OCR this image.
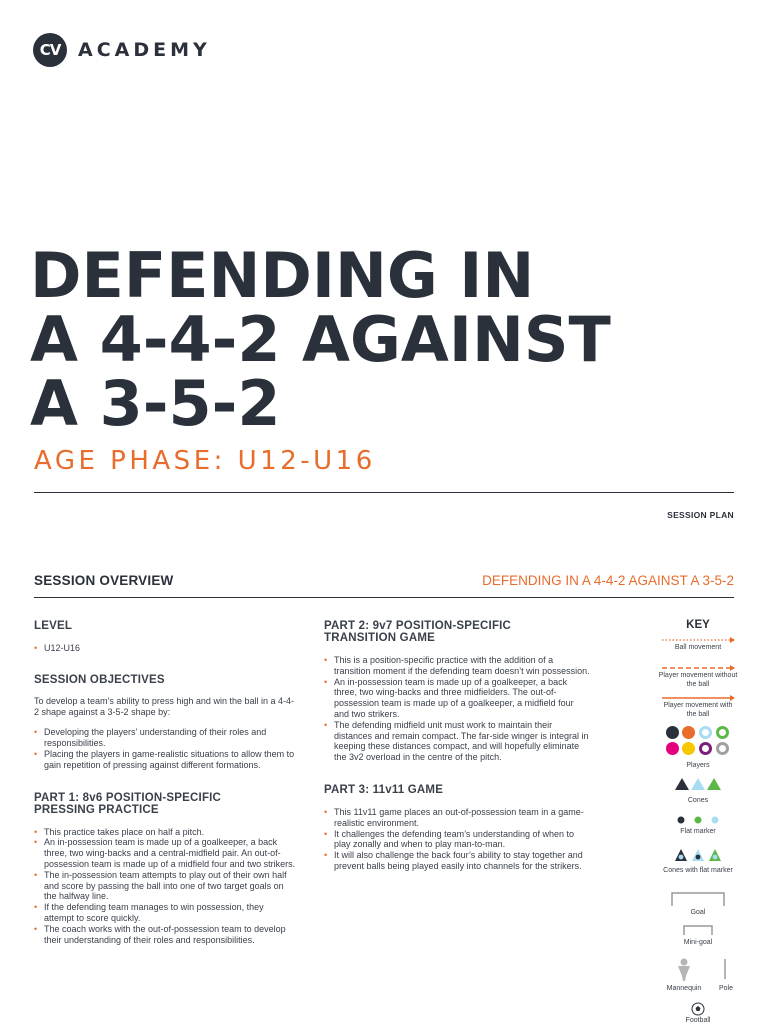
CV ACADEMY
DEFENDING IN
A 4-4-2 AGAINST
A 3-5-2
AGE PHASE: U12-U16
SESSION PLAN
SESSION OVERVIEW	DEFENDING IN A 4-4-2 AGAINST A 3-5-2
LEVEL
• U12-U16
SESSION OBJECTIVES

To develop a team’s ability to press high and win the ball in a 4-4-2 shape against a 3-5-2 shape by:

• Developing the players’ understanding of their roles and responsibilities.
• Placing the players in game-realistic situations to allow them to gain repetition of pressing against different formations.
PART 1: 8v6 POSITION-SPECIFIC PRESSING PRACTICE
• This practice takes place on half a pitch.
• An in-possession team is made up of a goalkeeper, a back three, two wing-backs and a central-midfield pair. An out-of-possession team is made up of a midfield four and two strikers.
• The in-possession team attempts to play out of their own half and score by passing the ball into one of two target goals on the halfway line.
• If the defending team manages to win possession, they attempt to score quickly.
• The coach works with the out-of-possession team to develop their understanding of their roles and responsibilities.
PART 2: 9v7 POSITION-SPECIFIC TRANSITION GAME
• This is a position-specific practice with the addition of a transition moment if the defending team doesn’t win possession.
• An in-possession team is made up of a goalkeeper, a back three, two wing-backs and three midfielders. The out-of-possession team is made up of a goalkeeper, a midfield four and two strikers.
• The defending midfield unit must work to maintain their distances and remain compact. The far-side winger is integral in keeping these distances compact, and will hopefully eliminate the 3v2 overload in the centre of the pitch.
PART 3: 11v11 GAME
• This 11v11 game places an out-of-possession team in a game-realistic environment.
• It challenges the defending team’s understanding of when to play zonally and when to play man-to-man.
• It will also challenge the back four’s ability to stay together and prevent balls being played easily into channels for the strikers.
KEY
Ball movement
Player movement without the ball
Player movement with the ball
Players
Cones
Flat marker
Cones with flat marker
Goal
Mini-goal
Mannequin	Pole
Football
